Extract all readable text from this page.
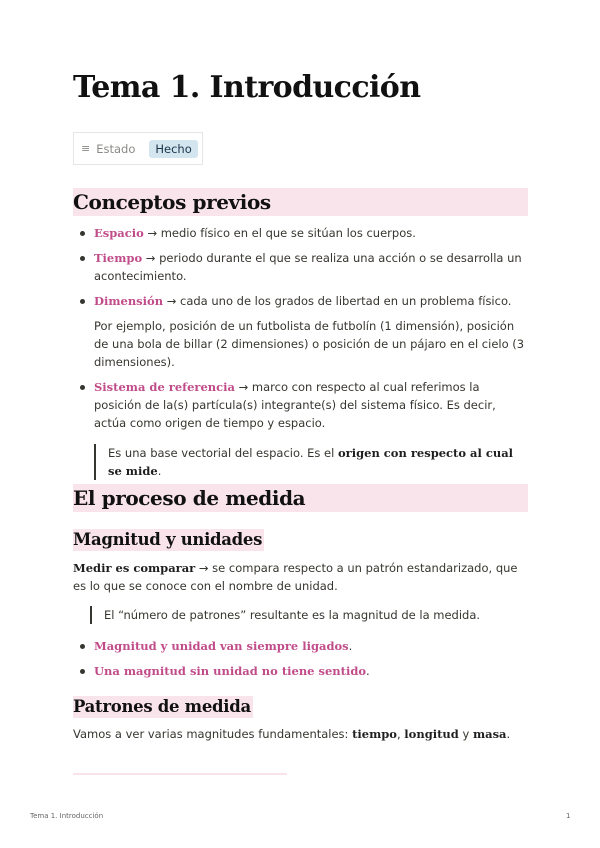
Tema 1. Introducción
≡ Estado	Hecho
Conceptos previos
Espacio → medio físico en el que se sitúan los cuerpos.
Tiempo → periodo durante el que se realiza una acción o se desarrolla un acontecimiento.
Dimensión → cada uno de los grados de libertad en un problema físico.
Por ejemplo, posición de un futbolista de futbolín (1 dimensión), posición de una bola de billar (2 dimensiones) o posición de un pájaro en el cielo (3 dimensiones).
Sistema de referencia → marco con respecto al cual referimos la posición de la(s) partícula(s) integrante(s) del sistema físico. Es decir, actúa como origen de tiempo y espacio.
Es una base vectorial del espacio. Es el origen con respecto al cual se mide.
El proceso de medida
Magnitud y unidades
Medir es comparar → se compara respecto a un patrón estandarizado, que es lo que se conoce con el nombre de unidad.
El “número de patrones” resultante es la magnitud de la medida.
Magnitud y unidad van siempre ligados.
Una magnitud sin unidad no tiene sentido.
Patrones de medida
Vamos a ver varias magnitudes fundamentales: tiempo, longitud y masa.
Tema 1. Introducción	1
